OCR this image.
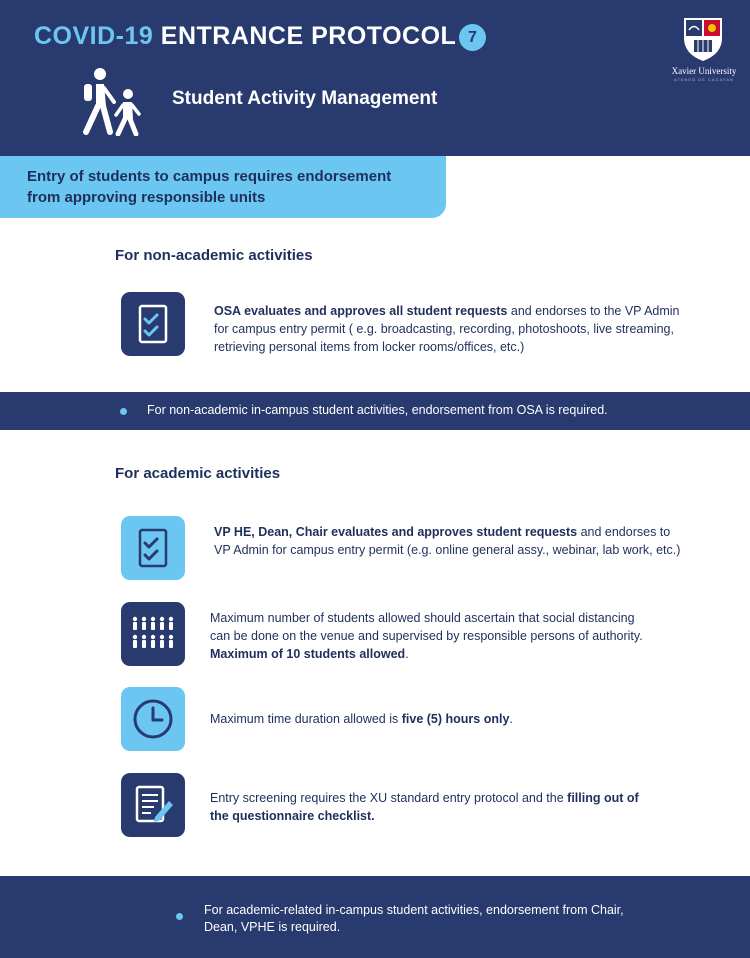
COVID-19 ENTRANCE PROTOCOL 7
Student Activity Management
Xavier University
ATENEO DE CAGAYAN
Entry of students to campus requires endorsement
from approving responsible units
For non-academic activities
OSA evaluates and approves all student requests and endorses to the VP Admin for campus entry permit ( e.g. broadcasting, recording, photoshoots, live streaming, retrieving personal items from locker rooms/offices, etc.)
For non-academic in-campus student activities, endorsement from OSA is required.
For academic activities
VP HE, Dean, Chair evaluates and approves student requests and endorses to VP Admin for campus entry permit (e.g. online general assy., webinar, lab work, etc.)
Maximum number of students allowed should ascertain that social distancing can be done on the venue and supervised by responsible persons of authority. Maximum of 10 students allowed.
Maximum time duration allowed is five (5) hours only.
Entry screening requires the XU standard entry protocol and the filling out of the questionnaire checklist.
For academic-related in-campus student activities, endorsement from Chair, Dean, VPHE is required.
